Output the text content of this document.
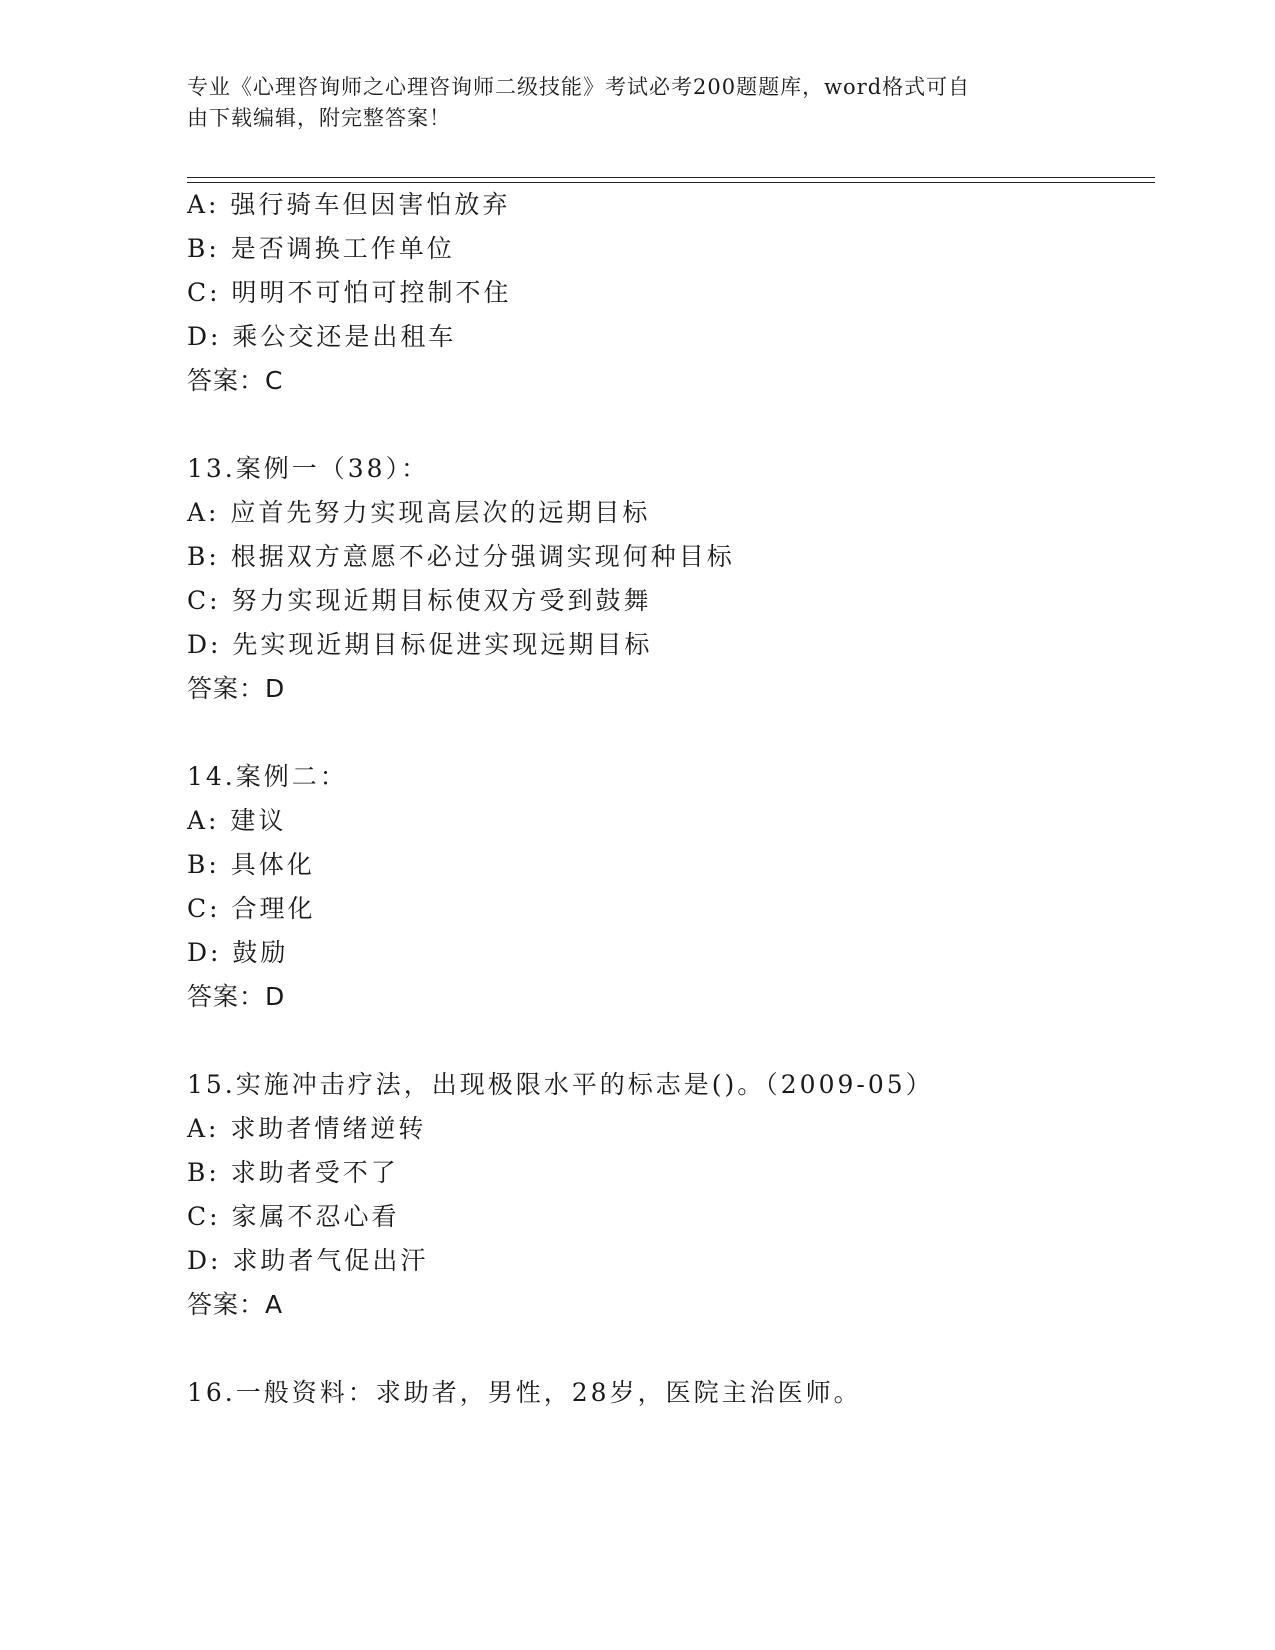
专业《心理咨询师之心理咨询师二级技能》考试必考200题题库，word格式可自
由下载编辑，附完整答案！
A: 强行骑车但因害怕放弃
B: 是否调换工作单位
C: 明明不可怕可控制不住
D: 乘公交还是出租车
答案：C
13.案例一（38）：
A: 应首先努力实现高层次的远期目标
B: 根据双方意愿不必过分强调实现何种目标
C: 努力实现近期目标使双方受到鼓舞
D: 先实现近期目标促进实现远期目标
答案：D
14.案例二：
A: 建议
B: 具体化
C: 合理化
D: 鼓励
答案：D
15.实施冲击疗法，出现极限水平的标志是()。（2009-05）
A: 求助者情绪逆转
B: 求助者受不了
C: 家属不忍心看
D: 求助者气促出汗
答案：A
16.一般资料：求助者，男性，28岁，医院主治医师。
